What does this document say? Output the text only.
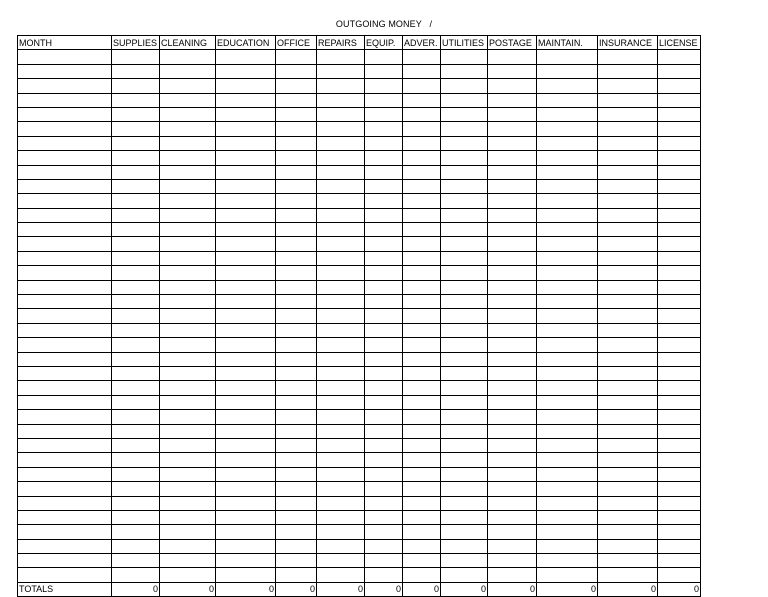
OUTGOING MONEY   /
MONTH	SUPPLIES	CLEANING	EDUCATION	OFFICE	REPAIRS	EQUIP.	ADVER.	UTILITIES	POSTAGE	MAINTAIN.	INSURANCE	LICENSE

TOTALS	0	0	0	0	0	0	0	0	0	0	0	0
